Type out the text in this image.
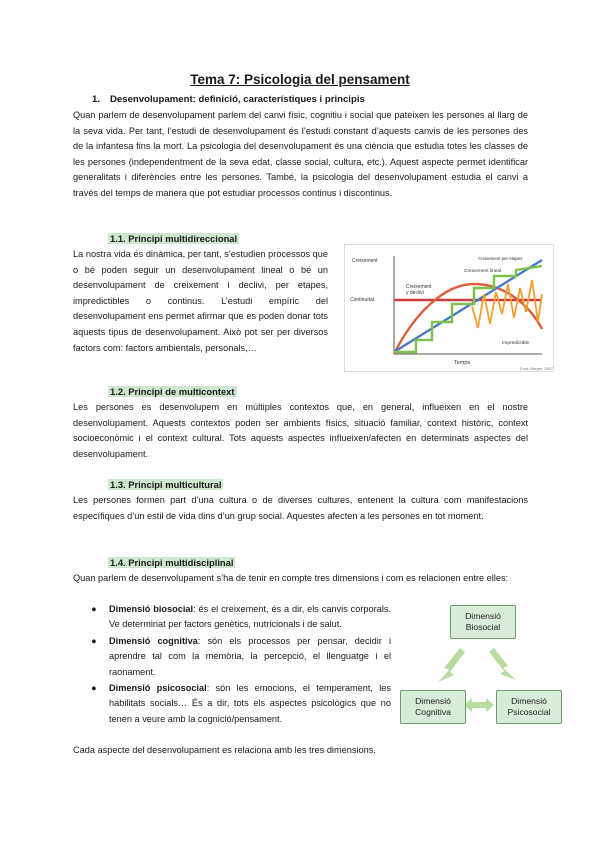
Tema 7: Psicologia del pensament
1. Desenvolupament: definició, característiques i principis

Quan parlem de desenvolupament parlem del canvi físic, cognitiu i social que pateixen les persones al llarg de la seva vida. Per tant, l’estudi de desenvolupament és l’estudi constant d’aquests canvis de les persones des de la infantesa fins la mort. La psicologia del desenvolupament és una ciència que estudia totes les classes de les persones (independentment de la seva edat, classe social, cultura, etc.). Aquest aspecte permet identificar generalitats i diferències entre les persones. També, la psicologia del desenvolupament estudia el canvi a través del temps de manera que pot estudiar processos continus i discontinus.

1.1. Principi multidireccional

La nostra vida és dinàmica, per tant, s’estudien processos que o bé poden seguir un desenvolupament lineal o bé un desenvolupament de creixement i declivi, per etapes, impredictibles o continus. L’estudi empíric del desenvolupament ens permet afirmar que es poden donar tots aquests tipus de desenvolupament. Això pot ser per diversos factors com: factors ambientals, personals,…

Creixement
Temps
Continuïtat
Creixement y declivi
Creixement lineal
Creixement per etapes
Impredictible
Font: Berger, 2007
1.2. Principi de multicontext

Les persones es desenvolupem en múltiples contextos que, en general, influeixen en el nostre desenvolupament. Aquests contextos poden ser ambients físics, situació familiar, context històric, context socioeconòmic i el context cultural. Tots aquests aspectes influeixen/afecten en determinats aspectes del desenvolupament.

1.3. Principi multicultural

Les persones formen part d’una cultura o de diverses cultures, entenent la cultura com manifestacions específiques d’un estil de vida dins d’un grup social. Aquestes afecten a les persones en tot moment.

1.4. Principi multidisciplinal

Quan parlem de desenvolupament s’ha de tenir en compte tres dimensions i com es relacionen entre elles:

● Dimensió biosocial: és el creixement, és a dir, els canvis corporals. Ve determinat per factors genètics, nutricionals i de salut.
● Dimensió cognitiva: són els processos per pensar, decidir i aprendre tal com la memòria, la percepció, el llenguatge i el raonament.
● Dimensió psicosocial: són les emocions, el temperament, les habilitats socials… És a dir, tots els aspectes psicològics que no tenen a veure amb la cognició/pensament.

Cada aspecte del desenvolupament es relaciona amb les tres dimensions.

Dimensió
Biosocial
Dimensió
Cognitiva
Dimensió
Psicosocial
